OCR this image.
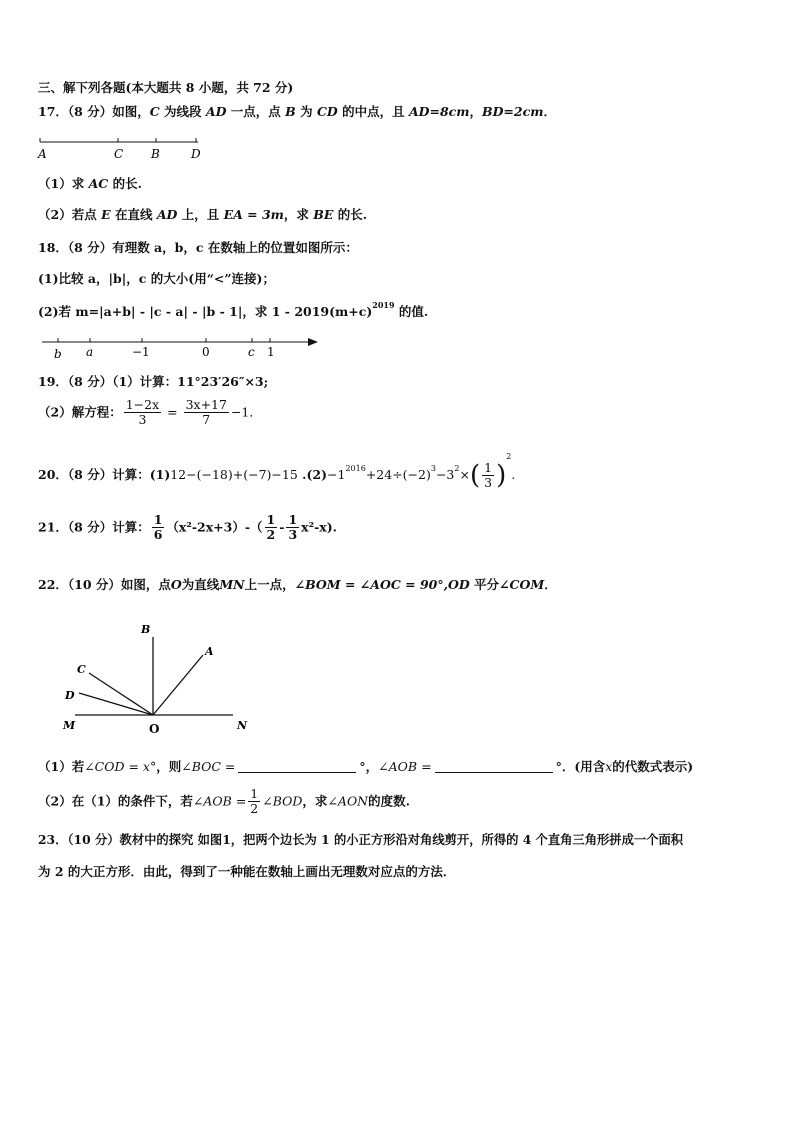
三、解下列各题(本大题共 8 小题，共 72 分)
17．（8 分）如图，C 为线段 AD 一点，点 B 为 CD 的中点，且 AD=8cm，BD=2cm．
A	C B	D
（1）求 AC 的长.
（2）若点 E 在直线 AD 上，且 EA = 3m，求 BE 的长.
18．（8 分）有理数 a，b，c 在数轴上的位置如图所示：
(1)比较 a，|b|，c 的大小(用“<”连接)；
(2)若 m=|a+b| - |c - a| - |b - 1|，求 $1 - 2019(m+c)^{2019}$ 的值.
b a	−1	0	c 1
19．（8 分）（1）计算：11°23′26″×3;
（2）解方程： $\frac{1-2x}{3} = \frac{3x+17}{7} -1$．
20．（8 分）计算：(1)12−(−18)+(−7)−15 $.(2)-1^{2016}+24\div(-2)^3-3^2\times( \frac{1}{3} )^2$.
21．（8 分）计算： $\frac{1}{6} (x^2-2x+3)-( \frac{1}{2} - \frac{1}{3} x^2-x)$.
22．（10 分）如图，点O为直线MN上一点，∠BOM = ∠AOC = 90°,OD 平分∠COM．
B
A
C
D
M	O	N
（1）若∠COD = x°，则∠BOC =	°，∠AOB =	°．(用含x的代数式表示)
（2）在（1）的条件下，若∠AOB = $\frac{1}{2}$ ∠BOD，求∠AON的度数.
23．（10 分）教材中的探究 如图1，把两个边长为 1 的小正方形沿对角线剪开，所得的 4 个直角三角形拼成一个面积
为 2 的大正方形．由此，得到了一种能在数轴上画出无理数对应点的方法．
